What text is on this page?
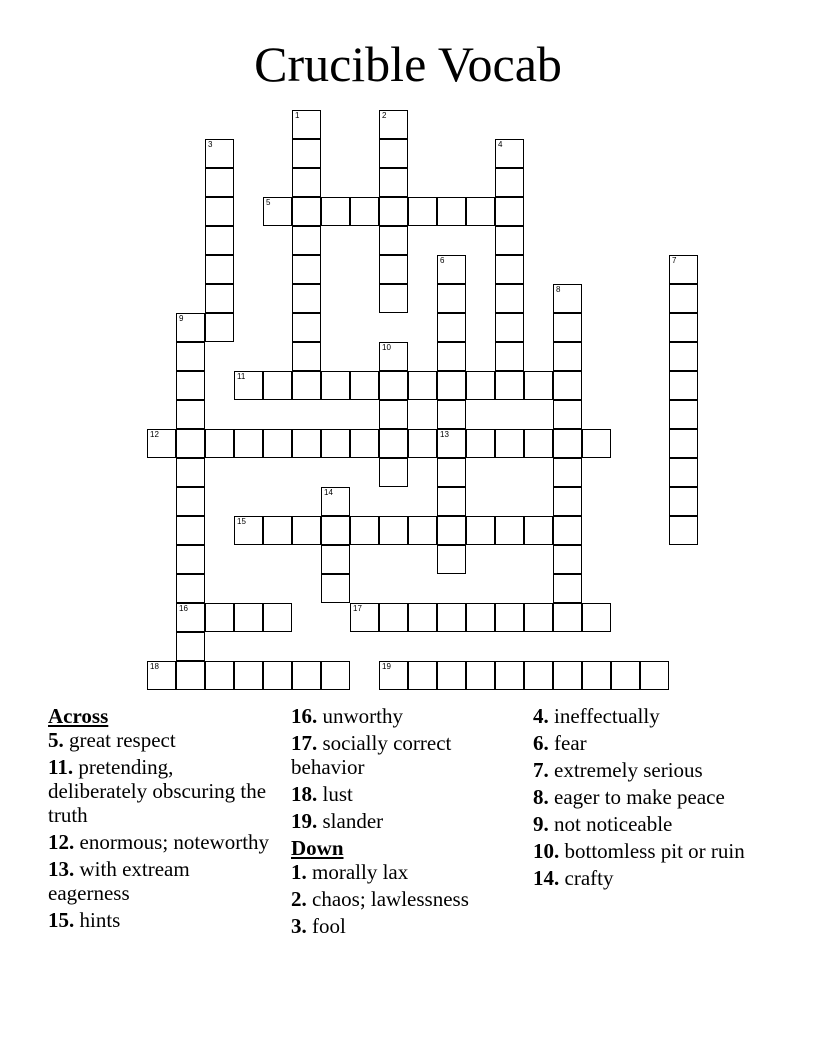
Crucible Vocab
1	2
3	4
5
6
13
7
8
9
16
10
11
12
14
15
17
18	19
Across
5. great respect
11. pretending, deliberately obscuring the truth
12. enormous; noteworthy
13. with extream eagerness
15. hints
16. unworthy
17. socially correct behavior
18. lust
19. slander
Down
1. morally lax
2. chaos; lawlessness
3. fool
4. ineffectually
6. fear
7. extremely serious
8. eager to make peace
9. not noticeable
10. bottomless pit or ruin
14. crafty
